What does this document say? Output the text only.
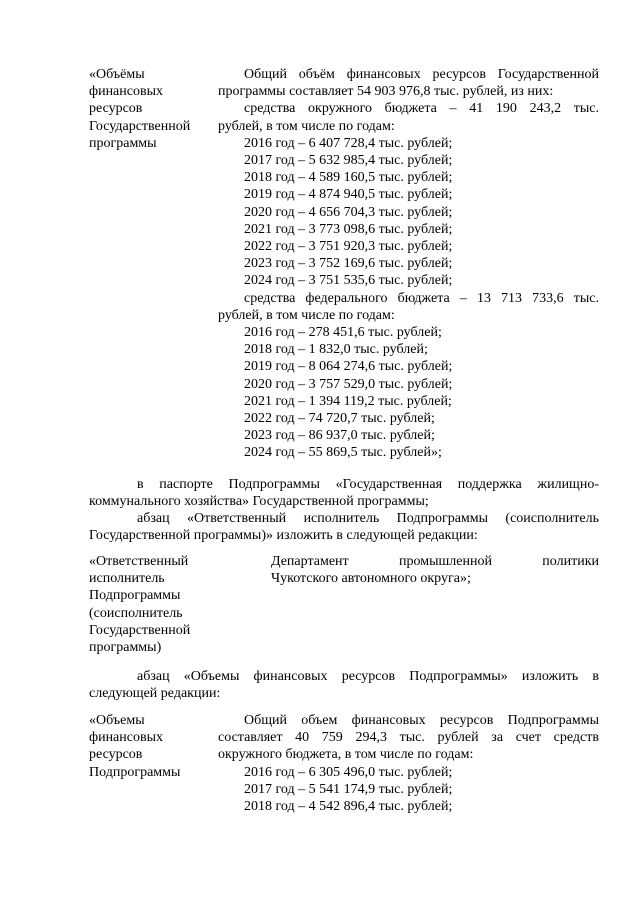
«Объёмы
финансовых
ресурсов
Государственной
программы
Общий объём финансовых ресурсов Государственной
программы составляет 54 903 976,8 тыс. рублей, из них:
средства окружного бюджета – 41 190 243,2 тыс.
рублей, в том числе по годам:
2016 год – 6 407 728,4 тыс. рублей;
2017 год – 5 632 985,4 тыс. рублей;
2018 год – 4 589 160,5 тыс. рублей;
2019 год – 4 874 940,5 тыс. рублей;
2020 год – 4 656 704,3 тыс. рублей;
2021 год – 3 773 098,6 тыс. рублей;
2022 год – 3 751 920,3 тыс. рублей;
2023 год – 3 752 169,6 тыс. рублей;
2024 год – 3 751 535,6 тыс. рублей;
средства федерального бюджета – 13 713 733,6 тыс.
рублей, в том числе по годам:
2016 год – 278 451,6 тыс. рублей;
2018 год – 1 832,0 тыс. рублей;
2019 год – 8 064 274,6 тыс. рублей;
2020 год – 3 757 529,0 тыс. рублей;
2021 год – 1 394 119,2 тыс. рублей;
2022 год – 74 720,7 тыс. рублей;
2023 год – 86 937,0 тыс. рублей;
2024 год – 55 869,5 тыс. рублей»;
в паспорте Подпрограммы «Государственная поддержка жилищно-
коммунального хозяйства» Государственной программы;
абзац «Ответственный исполнитель Подпрограммы (соисполнитель
Государственной программы)» изложить в следующей редакции:
«Ответственный
исполнитель
Подпрограммы
(соисполнитель
Государственной
программы)
Департамент промышленной политики
Чукотского автономного округа»;
абзац «Объемы финансовых ресурсов Подпрограммы» изложить в
следующей редакции:
«Объемы
финансовых
ресурсов
Подпрограммы
Общий объем финансовых ресурсов Подпрограммы
составляет 40 759 294,3 тыс. рублей за счет средств
окружного бюджета, в том числе по годам:
2016 год – 6 305 496,0 тыс. рублей;
2017 год – 5 541 174,9 тыс. рублей;
2018 год – 4 542 896,4 тыс. рублей;
